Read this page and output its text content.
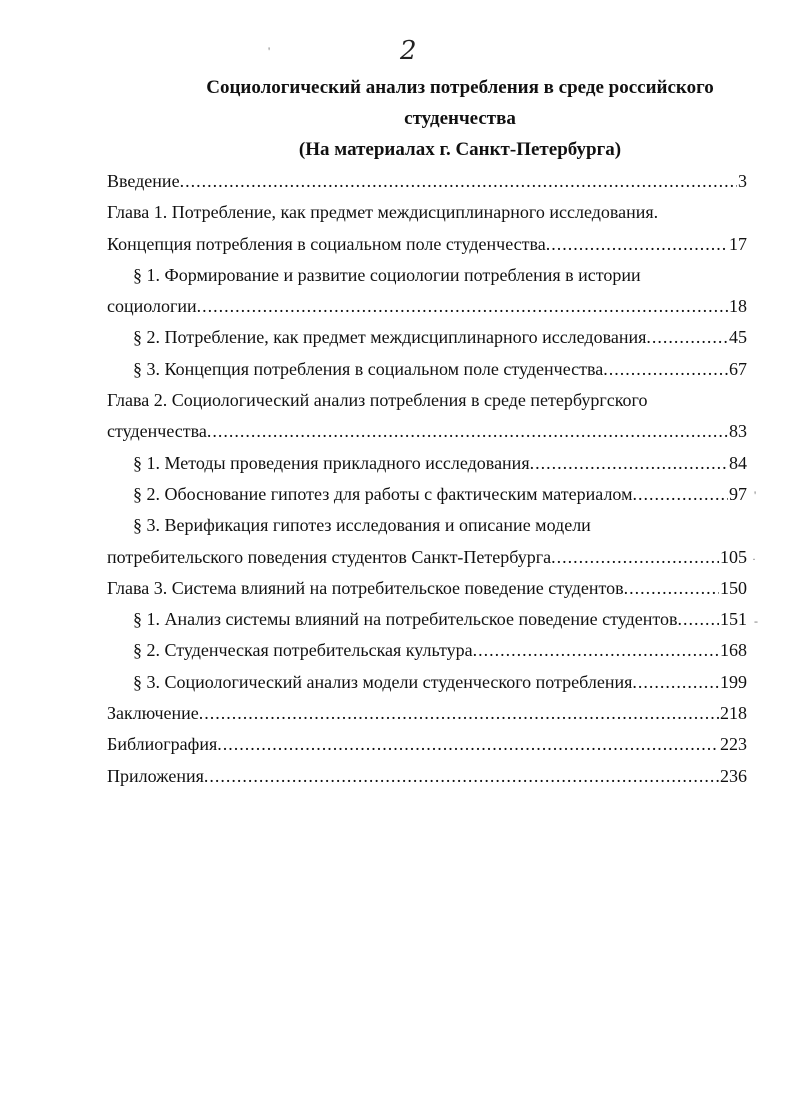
2
Социологический анализ потребления в среде российского
студенчества
(На материалах г. Санкт-Петербурга)
Введение .....	3
Глава 1. Потребление, как предмет междисциплинарного исследования.
Концепция потребления в социальном поле студенчества .....	17
§ 1. Формирование и развитие социологии потребления в истории
социологии .....	18
§ 2. Потребление, как предмет междисциплинарного исследования .....	45
§ 3. Концепция потребления в социальном поле студенчества .....	67
Глава 2. Социологический анализ потребления в среде петербургского
студенчества .....	83
§ 1. Методы проведения прикладного исследования .....	84
§ 2. Обоснование гипотез для работы с фактическим материалом .....	97
§ 3. Верификация гипотез исследования и описание модели
потребительского поведения студентов Санкт-Петербурга .....	105
Глава 3. Система влияний на потребительское поведение студентов .....	150
§ 1. Анализ системы влияний на потребительское поведение студентов .....	151
§ 2. Студенческая потребительская культура .....	168
§ 3. Социологический анализ модели студенческого потребления .....	199
Заключение .....	218
Библиография .....	223
Приложения .....	236
'
'
·
-
